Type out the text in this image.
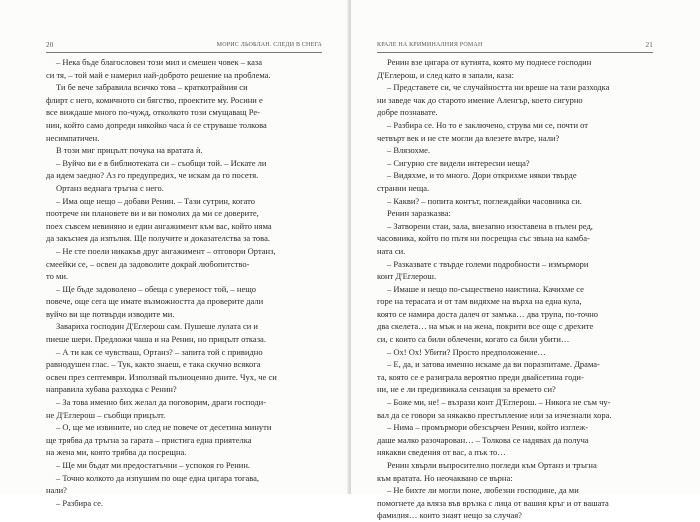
20	МОРИС ЛЬОБЛАН. СЛЕДИ В СНЕГА
– Нека бъде благословен този мил и смешен човек – каза
си тя, – той май е намерил най-доброто решение на проблема.
Ти бе вече забравила всичко това – краткотрайния си
флирт с него, комичното си бягство, проектите му. Росини е
все виждаше много по-чужд, отколкото този смущаващ Ре-
нин, който само допреди някойко часа ѝ се струваше толкова
несимпатичен.
В този миг прицълт почука на вратата ѝ.
– Вуйчо ви е в библиотеката си – съобщи той. – Искате ли
да идем заедно? Аз го предупредих, че искам да го посетя.
Ортанз веднага тръгна с него.
– Има още нещо – добави Ренин. – Тази сутрин, когато
поотрече ни плановете ви и ви помолих да ми се доверите,
поех съвсем невиняно и един ангажимент към вас, който няма
да закъснея да изпълня. Ще получите и доказателства за това.
– Не сте поели никакъв друг ангажимент – отговори Ортанз,
смеейки се, – освен да задоволите докрай любопитство-
то ми.
– Ще бъде задоволено – обеща с увереност той, – нещо
повече, още сега ще имате възможността да проверите дали
вуйчо ви ще потвърди изводите ми.
Завариха господин Д'Еглерош сам. Пушеше лулата си и
пиеше шери. Предложи чаша и на Ренин, но прицълт отказа.
– А ти как се чувстваш, Ортанз? – запита той с привидно
равнодушен глас. – Тук, както знаеш, е така скучно всякога
освен през септември. Използвай пълноценно дните. Чух, че си
направила хубава разходка с Ренин?
– За това именно бих желал да поговорим, драги господи-
не Д'Еглерош – съобщи прицълт.
– О, ще ме извините, но след не повече от десетина минути
ще трябва да тръгна за гарата – пристига една приятелка
на жена ми, която трябва да посрещна.
– Ще ми бъдат ми предостатъчни – успокоя го Ренин.
– Точно колкото да изпушим по още една цигара тогава,
нали?
– Разбира се.
КРАЛЕ НА КРИМИНАЛНИЯ РОМАН	21
Ренин взе цигара от кутията, която му поднесе господин
Д'Еглерош, и след като я запали, каза:
– Представете си, че случайността ни вреше на тази разходка
ни заведе чак до старото имение Аленгър, което сигурно
добре познавате.
– Разбира се. Но то е заключено, струва ми се, почти от
четвърт век и не сте могли да влезете вътре, нали?
– Влязохме.
– Сигурно сте видели интересни неща?
– Видяхме, и то много. Дори открихме някои твърде
странни неща.
– Какви? – попита контът, поглеждайки часовника си.
Ренин заразказва:
– Затворени стаи, зала, внезапно изоставена в пълен ред,
часовника, който по пътя ни посрещна със звъна на камба-
ната си.
– Разказвате с твърде големи подробности – измърмори
конт Д'Еглерош.
– Имаше и нещо по-съществено наистина. Качихме се
горе на терасата и от там видяхме на върха на една кула,
която се намира доста далеч от замъка… два трупа, по-точно
два скелета… на мъж и на жена, покрити все още с дрехите
си, с които са били облечени, когато са били убити…
– Ох! Ох! Убити? Просто предположение…
– Е, да, и затова именно искаме да ви поразпитаме. Драма-
та, която се е разиграла вероятно преди двайсетина годи-
ни, не е ли предизвикала сензация за времето си?
– Боже ми, не! – възрази конт Д'Еглерош. – Никога не съм чу-
вал да се говори за някакво престъпление или за изчезнали хора.
– Нима – промърмори обезсърчен Ренин, който изглеж-
даше малко разочарован… – Толкова се надявах да получа
някакви сведения от вас, а пък то…
Ренин хвърли въпросително погледи към Ортанз и тръгна
към вратата. Но неочаквано се върна:
– Не бихте ли могли поне, любезни господине, да ми
помогнете да вляза във връзка с лица от вашия кръг и от вашата
фамилия… които знаят нещо за случая?
